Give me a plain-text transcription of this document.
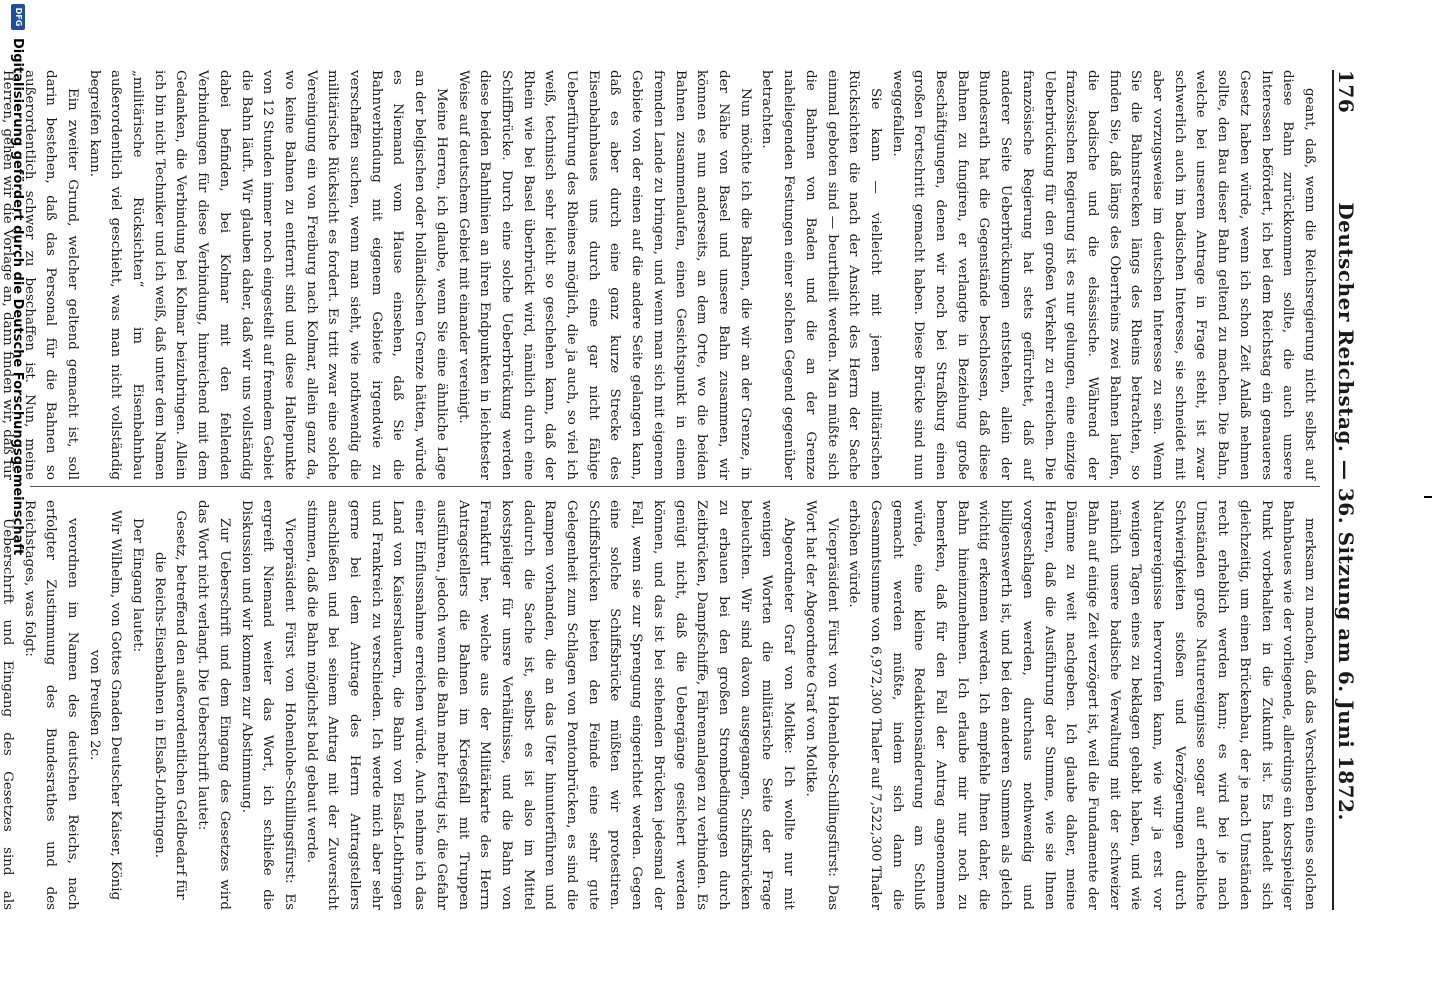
176
Deutscher Reichstag. — 36. Sitzung am 6. Juni 1872.

geant, daß, wenn die Reichsregierung nicht selbst auf diese Bahn zurückkommen sollte, die auch unsere Interessen befördert, ich bei dem Reichstag ein genaueres Gesetz haben würde, wenn ich schon Zeit Anlaß nehmen sollte, den Bau dieser Bahn geltend zu machen. Die Bahn, welche bei unserem Antrage in Frage steht, ist zwar schwerlich auch im badischen Interesse, sie schneidet mit aber vorzugsweise im deutschen Interesse zu sein. Wenn Sie die Bahnstrecken längs des Rheins betrachten, so finden Sie, daß längs des Oberrheins zwei Bahnen laufen, die badische und die elsässische. Während der französischen Regierung ist es nur gelungen, eine einzige Ueberbrückung für den großen Verkehr zu erreichen. Die französische Regierung hat stets gefürchtet, daß auf anderer Seite Ueberbrückungen entstehen, allein der Bundesrath hat die Gegenstände beschlossen, daß diese Bahnen zu fungiren, er verlangte in Beziehung große Beschäftigungen, denen wir noch bei Straßburg einen großen Fortschritt gemacht haben. Diese Brücke sind nun weggefallen.

Sie kann — vielleicht mit jenen militärischen Rücksichten die nach der Ansicht des Herrn der Sache einmal geboten sind — beurtheilt werden. Man müßte sich die Bahnen von Baden und die an der Grenze naheliegenden Festungen einer solchen Gegend gegenüber betrachten.

Nun möchte ich die Bahnen, die wir an der Grenze, in der Nähe von Basel und unsere Bahn zusammen, wir können es nun anderseits, an dem Orte, wo die beiden Bahnen zusammenlaufen, einen Gesichtspunkt in einem fremden Lande zu bringen, und wenn man sich mit eigenem Gebiete von der einen auf die andere Seite gelangen kann, daß es aber durch eine ganz kurze Strecke des Eisenbahnbaues uns durch eine gar nicht fähige Ueberführung des Rheines möglich, die ja auch, so viel ich weiß, technisch sehr leicht so geschehen kann, daß der Rhein wie bei Basel überbrückt wird, nämlich durch eine Schiffbrücke. Durch eine solche Ueberbrückung werden diese beiden Bahnlinien an ihren Endpunkten in leichtester Weise auf deutschem Gebiet mit einander vereinigt.

Meine Herren, ich glaube, wenn Sie eine ähnliche Lage an der belgischen oder holländischen Grenze hätten, würde es Niemand vom Hause einsehen, daß Sie die Bahnverbindung mit eigenem Gebiete irgendwie zu verschaffen suchen, wenn man sieht, wie nothwendig die militärische Rücksicht es fordert. Es tritt zwar eine solche Vereinigung ein von Freiburg nach Kolmar, allein ganz da, wo keine Bahnen zu entfernt sind und diese Haltepunkte von 12 Stunden immer noch eingestellt auf fremdem Gebiet die Bahn läuft. Wir glauben daher, daß wir uns vollständig dabei befinden, bei Kolmar mit den fehlenden Verbindungen für diese Verbindung, hinreichend mit dem Gedanken, die Verbindung bei Kolmar beizubringen. Allein ich bin nicht Techniker und ich weiß, daß unter dem Namen „militärische Rücksichten“ im Eisenbahnbau außerordentlich viel geschieht, was man nicht vollständig begreifen kann.

Ein zweiter Grund, welcher geltend gemacht ist, soll darin bestehen, daß das Personal für die Bahnen so außerordentlich schwer zu beschaffen ist. Nun, meine Herren, gehen wir die Vorlage an, dann finden wir, daß für

merksam zu machen, daß das Verschieben eines solchen Bahnbaues wie der vorliegende, allerdings ein kostspieliger Punkt vorbehalten in die Zukunft ist. Es handelt sich gleichzeitig, um einen Brückenbau, der je nach Umständen recht erheblich werden kann; es wird bei je nach Umständen große Naturereignisse sogar auf erhebliche Schwierigkeiten stoßen und Verzögerungen durch Naturereignisse hervorrufen kann, wie wir ja erst vor wenigen Tagen eines zu beklagen gehabt haben, und wie nämlich unsere badische Verwaltung mit der schweizer Bahn auf einige Zeit verzögert ist, weil die Fundamente der Dämme zu weit nachgeben. Ich glaube daher, meine Herren, daß die Ausführung der Summe, wie sie Ihnen vorgeschlagen werden, durchaus nothwendig und billigenswerth ist, und bei den anderen Summen als gleich wichtig erkennen werden. Ich empfehle Ihnen daher, die Bahn hineinzunehmen. Ich erlaube mir nur noch zu bemerken, daß für den Fall der Antrag angenommen würde, eine kleine Redaktionsänderung am Schluß gemacht werden müßte, indem sich dann die Gesammtsumme von 6,972,300 Thaler auf 7,522,300 Thaler erhöhen würde.

Vicepräsident Fürst von Hohenlohe-Schillingsfürst: Das Wort hat der Abgeordnete Graf von Moltke.

Abgeordneter Graf von Moltke: Ich wollte nur mit wenigen Worten die militärische Seite der Frage beleuchten. Wir sind davon ausgegangen, Schiffsbrücken zu erbauen bei den großen Strombedingungen durch Zeitbrücken, Dampfschiffe, Fährenanlagen zu verbinden. Es genügt nicht, daß die Uebergänge gesichert werden können, und das ist bei stehenden Brücken jedesmal der Fall, wenn sie zur Sprengung eingerichtet werden. Gegen eine solche Schiffsbrücke müßten wir protestiren. Schiffsbrücken bieten den Feinde eine sehr gute Gelegenheit zum Schlagen von Pontonbrücken, es sind die Rampen vorhanden, die an das Ufer hinunterführen und dadurch die Sache ist, selbst es ist also im Mittel kostspieliger für unsre Verhältnisse, und die Bahn von Frankfurt her, welche aus der Militärkarte des Herrn Antragstellers die Bahnen im Kriegsfall mit Truppen ausführen, jedoch wenn die Bahn mehr fertig ist, die Gefahr einer Einflussnahme erreichen würde. Auch nehme ich das Land von Kaiserslautern, die Bahn von Elsaß-Lothringen und Frankreich zu verschieden. Ich werde mich aber sehr gerne bei dem Antrage des Herrn Antragstellers anschließen und bei seinem Antrag mit der Zuversicht stimmen, daß die Bahn möglichst bald gebaut werde.

Vicepräsident Fürst von Hohenlohe-Schillingsfürst: Es ergreift Niemand weiter das Wort, ich schließe die Diskussion und wir kommen zur Abstimmung.

Zur Ueberschrift und dem Eingang des Gesetzes wird das Wort nicht verlangt. Die Ueberschrift lautet:

Gesetz, betreffend den außerordentlichen Geldbedarf für die Reichs-Eisenbahnen in Elsaß-Lothringen.

Der Eingang lautet:

Wir Wilhelm, von Gottes Gnaden Deutscher Kaiser, König von Preußen 2c.

verordnen im Namen des deutschen Reichs, nach erfolgter Zustimmung des Bundesrathes und des Reichstages, was folgt:

Ueberschrift und Eingang des Gesetzes sind als

DFG
Digitalisierung gefördert durch die Deutsche Forschungsgemeinschaft
